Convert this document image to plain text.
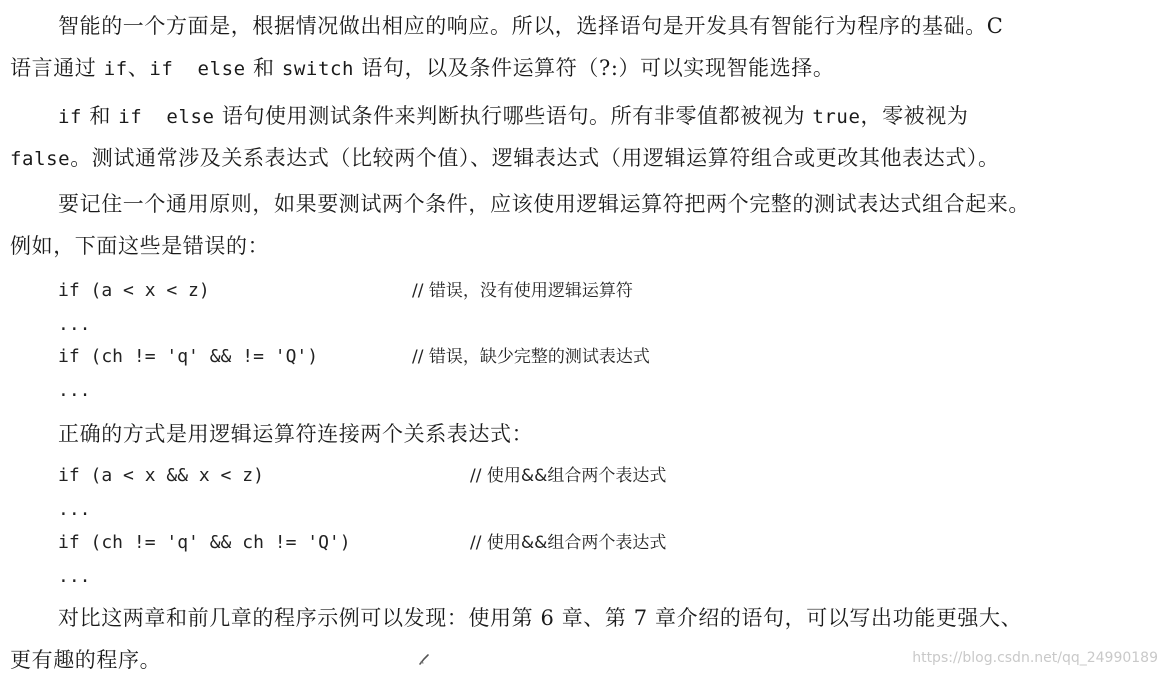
智能的一个方面是，根据情况做出相应的响应。所以，选择语句是开发具有智能行为程序的基础。C
语言通过 if、if  else 和 switch 语句，以及条件运算符（?:）可以实现智能选择。
if 和 if  else 语句使用测试条件来判断执行哪些语句。所有非零值都被视为 true，零被视为
false。测试通常涉及关系表达式（比较两个值）、逻辑表达式（用逻辑运算符组合或更改其他表达式）。
要记住一个通用原则，如果要测试两个条件，应该使用逻辑运算符把两个完整的测试表达式组合起来。
例如，下面这些是错误的：
if (a < x < z)	// 错误，没有使用逻辑运算符
...
if (ch != 'q' && != 'Q')	// 错误，缺少完整的测试表达式
...
正确的方式是用逻辑运算符连接两个关系表达式：
if (a < x && x < z)	// 使用&&组合两个表达式
...
if (ch != 'q' && ch != 'Q')	// 使用&&组合两个表达式
...
对比这两章和前几章的程序示例可以发现：使用第 6 章、第 7 章介绍的语句，可以写出功能更强大、
更有趣的程序。	https://blog.csdn.net/qq_24990189
